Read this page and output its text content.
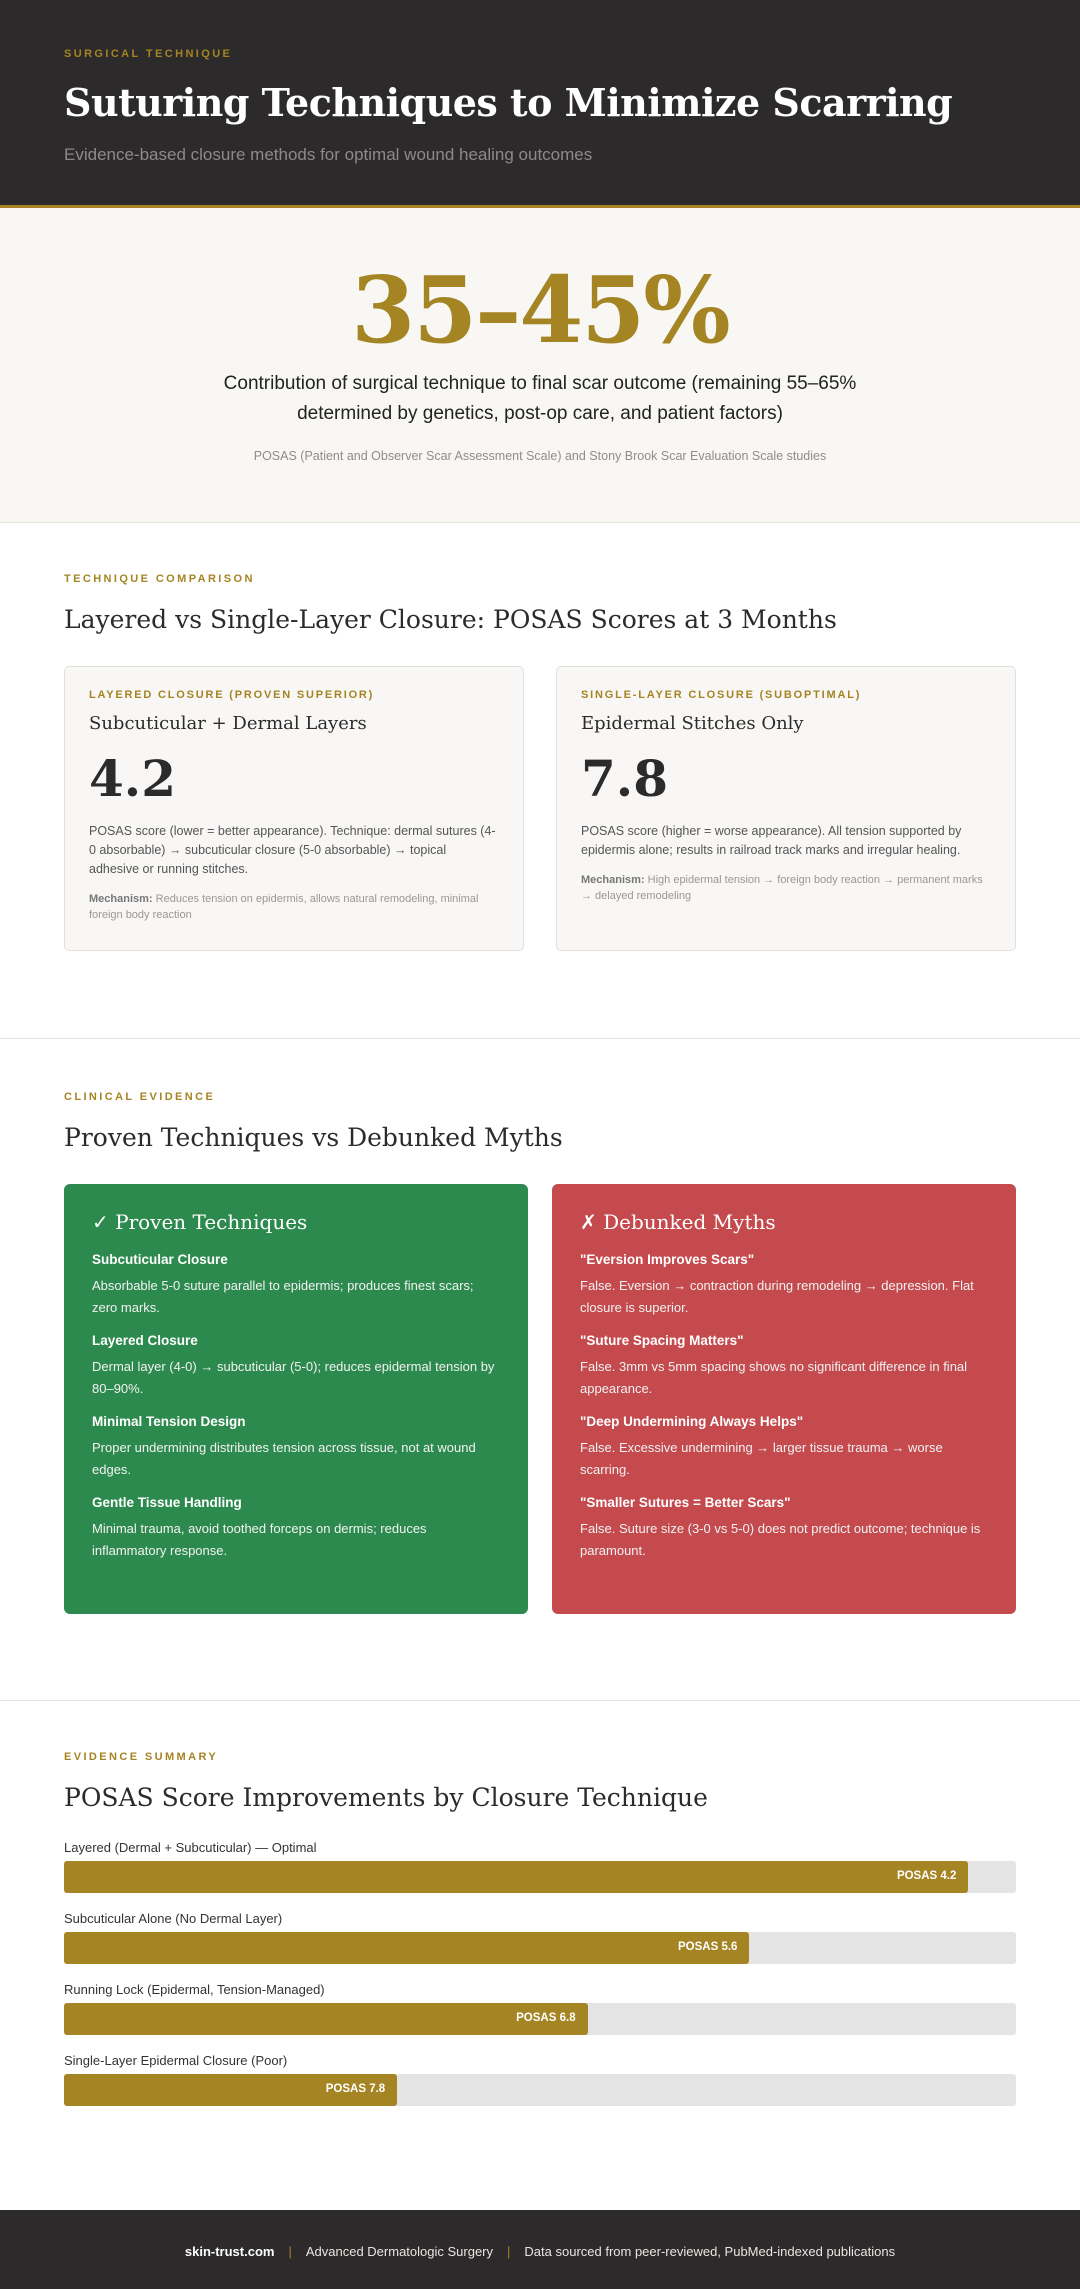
SURGICAL TECHNIQUE
Suturing Techniques to Minimize Scarring
Evidence-based closure methods for optimal wound healing outcomes
35–45%
Contribution of surgical technique to final scar outcome (remaining 55–65% determined by genetics, post-op care, and patient factors)
POSAS (Patient and Observer Scar Assessment Scale) and Stony Brook Scar Evaluation Scale studies
TECHNIQUE COMPARISON
Layered vs Single-Layer Closure: POSAS Scores at 3 Months
LAYERED CLOSURE (PROVEN SUPERIOR)
Subcuticular + Dermal Layers
4.2
POSAS score (lower = better appearance). Technique: dermal sutures (4-0 absorbable) → subcuticular closure (5-0 absorbable) → topical adhesive or running stitches.
Mechanism: Reduces tension on epidermis, allows natural remodeling, minimal foreign body reaction
SINGLE-LAYER CLOSURE (SUBOPTIMAL)
Epidermal Stitches Only
7.8
POSAS score (higher = worse appearance). All tension supported by epidermis alone; results in railroad track marks and irregular healing.
Mechanism: High epidermal tension → foreign body reaction → permanent marks → delayed remodeling
CLINICAL EVIDENCE
Proven Techniques vs Debunked Myths
✓ Proven Techniques
Subcuticular Closure
Absorbable 5-0 suture parallel to epidermis; produces finest scars; zero marks.
Layered Closure
Dermal layer (4-0) → subcuticular (5-0); reduces epidermal tension by 80–90%.
Minimal Tension Design
Proper undermining distributes tension across tissue, not at wound edges.
Gentle Tissue Handling
Minimal trauma, avoid toothed forceps on dermis; reduces inflammatory response.
✗ Debunked Myths
"Eversion Improves Scars"
False. Eversion → contraction during remodeling → depression. Flat closure is superior.
"Suture Spacing Matters"
False. 3mm vs 5mm spacing shows no significant difference in final appearance.
"Deep Undermining Always Helps"
False. Excessive undermining → larger tissue trauma → worse scarring.
"Smaller Sutures = Better Scars"
False. Suture size (3-0 vs 5-0) does not predict outcome; technique is paramount.
EVIDENCE SUMMARY
POSAS Score Improvements by Closure Technique
Layered (Dermal + Subcuticular) — Optimal
POSAS 4.2
Subcuticular Alone (No Dermal Layer)
POSAS 5.6
Running Lock (Epidermal, Tension-Managed)
POSAS 6.8
Single-Layer Epidermal Closure (Poor)
POSAS 7.8
skin-trust.com | Advanced Dermatologic Surgery | Data sourced from peer-reviewed, PubMed-indexed publications
